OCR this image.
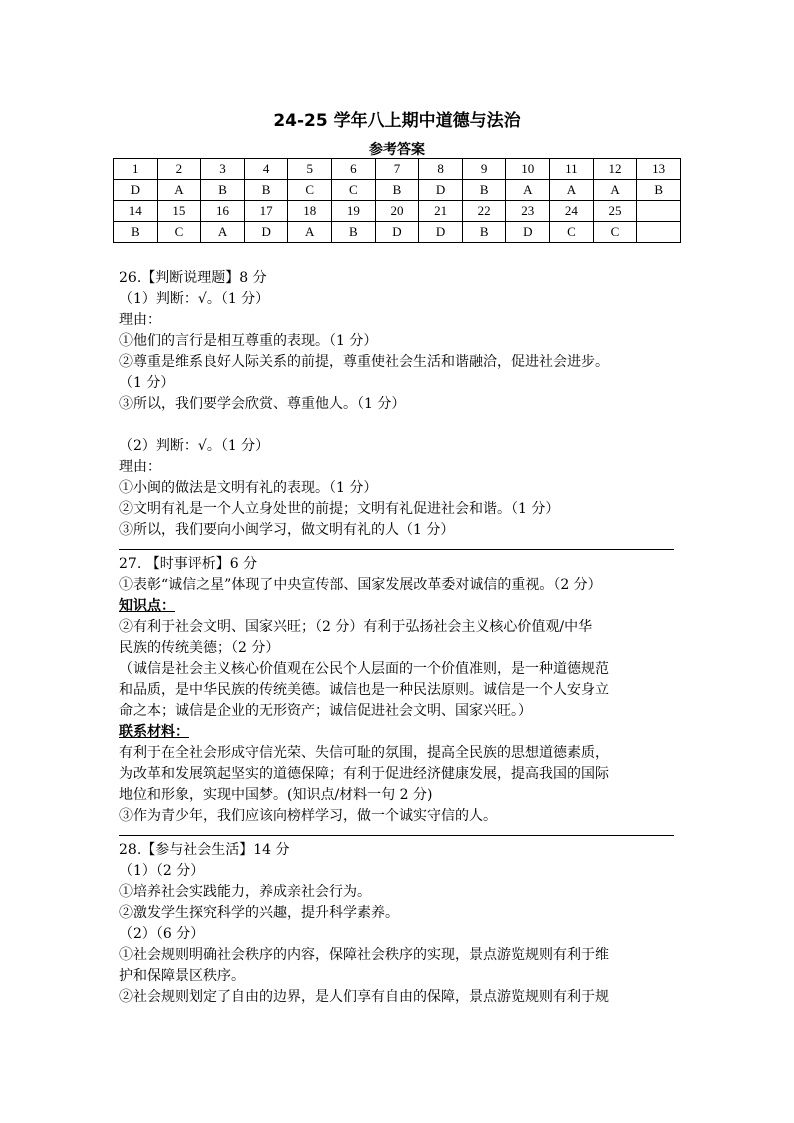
24-25 学年八上期中道德与法治
参考答案
1	2	3	4	5	6	7	8	9	10	11	12	13
D	A	B	B	C	C	B	D	B	A	A	A	B
14	15	16	17	18	19	20	21	22	23	24	25	
B	C	A	D	A	B	D	D	B	D	C	C	
26.【判断说理题】8 分
（1）判断：√。（1 分）
理由：
①他们的言行是相互尊重的表现。（1 分）
②尊重是维系良好人际关系的前提，尊重使社会生活和谐融洽，促进社会进步。
（1 分）
③所以，我们要学会欣赏、尊重他人。（1 分）
（2）判断：√。（1 分）
理由：
①小闽的做法是文明有礼的表现。（1 分）
②文明有礼是一个人立身处世的前提；文明有礼促进社会和谐。（1 分）
③所以，我们要向小闽学习，做文明有礼的人（1 分）
27. 【时事评析】6 分
①表彰“诚信之星”体现了中央宣传部、国家发展改革委对诚信的重视。（2 分）
知识点：
②有利于社会文明、国家兴旺；（2 分）有利于弘扬社会主义核心价值观/中华
民族的传统美德；（2 分）
（诚信是社会主义核心价值观在公民个人层面的一个价值准则，是一种道德规范
和品质，是中华民族的传统美德。诚信也是一种民法原则。诚信是一个人安身立
命之本；诚信是企业的无形资产；诚信促进社会文明、国家兴旺。）
联系材料：
有利于在全社会形成守信光荣、失信可耻的氛围，提高全民族的思想道德素质，
为改革和发展筑起坚实的道德保障；有利于促进经济健康发展，提高我国的国际
地位和形象，实现中国梦。(知识点/材料一句 2 分)
③作为青少年，我们应该向榜样学习，做一个诚实守信的人。
28.【参与社会生活】14 分
（1）（2 分）
①培养社会实践能力，养成亲社会行为。
②激发学生探究科学的兴趣，提升科学素养。
（2）（6 分）
①社会规则明确社会秩序的内容，保障社会秩序的实现，景点游览规则有利于维
护和保障景区秩序。
②社会规则划定了自由的边界，是人们享有自由的保障，景点游览规则有利于规
